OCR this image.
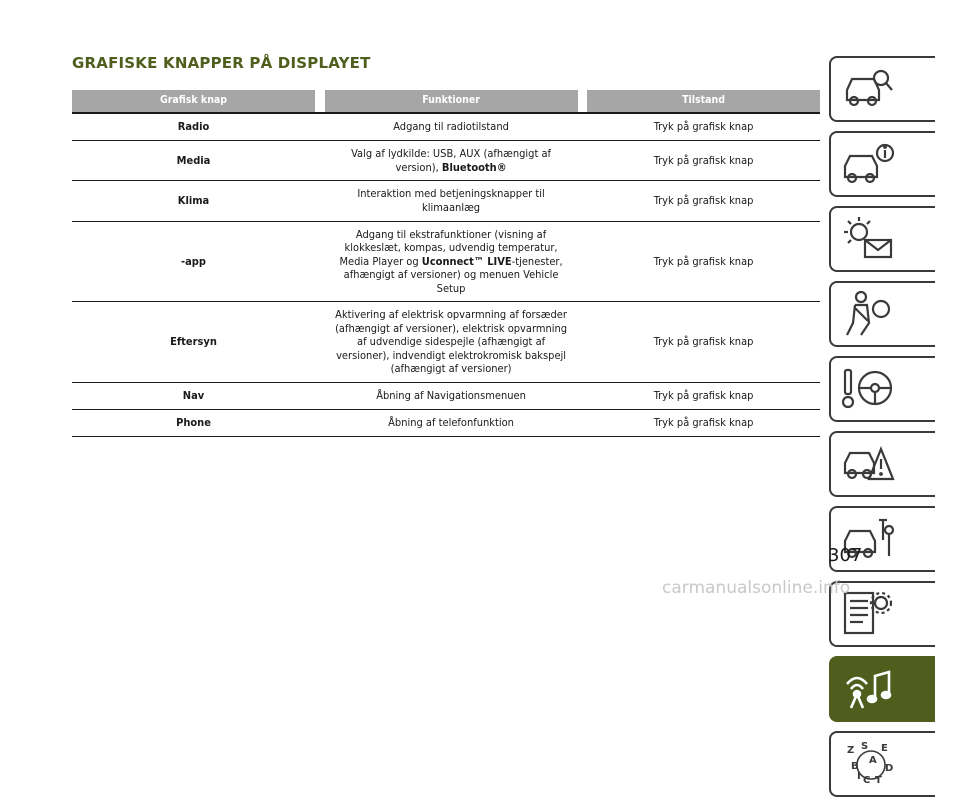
GRAFISKE KNAPPER PÅ DISPLAYET
Grafisk knap		Funktioner		Tilstand
Radio		Adgang til radiotilstand		Tryk på grafisk knap
Media		Valg af lydkilde: USB, AUX (afhængigt af version), Bluetooth®		Tryk på grafisk knap
Klima		Interaktion med betjeningsknapper til klimaanlæg		Tryk på grafisk knap
-app		Adgang til ekstrafunktioner (visning af klokkeslæt, kompas, udvendig temperatur, Media Player og Uconnect™ LIVE-tjenester, afhængigt af versioner) og menuen Vehicle Setup		Tryk på grafisk knap
Eftersyn		Aktivering af elektrisk opvarmning af forsæder (afhængigt af versioner), elektrisk opvarmning af udvendige sidespejle (afhængigt af versioner), indvendigt elektrokromisk bakspejl (afhængigt af versioner)		Tryk på grafisk knap
Nav		Åbning af Navigationsmenuen		Tryk på grafisk knap
Phone		Åbning af telefonfunktion		Tryk på grafisk knap
Z S E
B
A
D
C
I T

307

carmanualsonline.info
